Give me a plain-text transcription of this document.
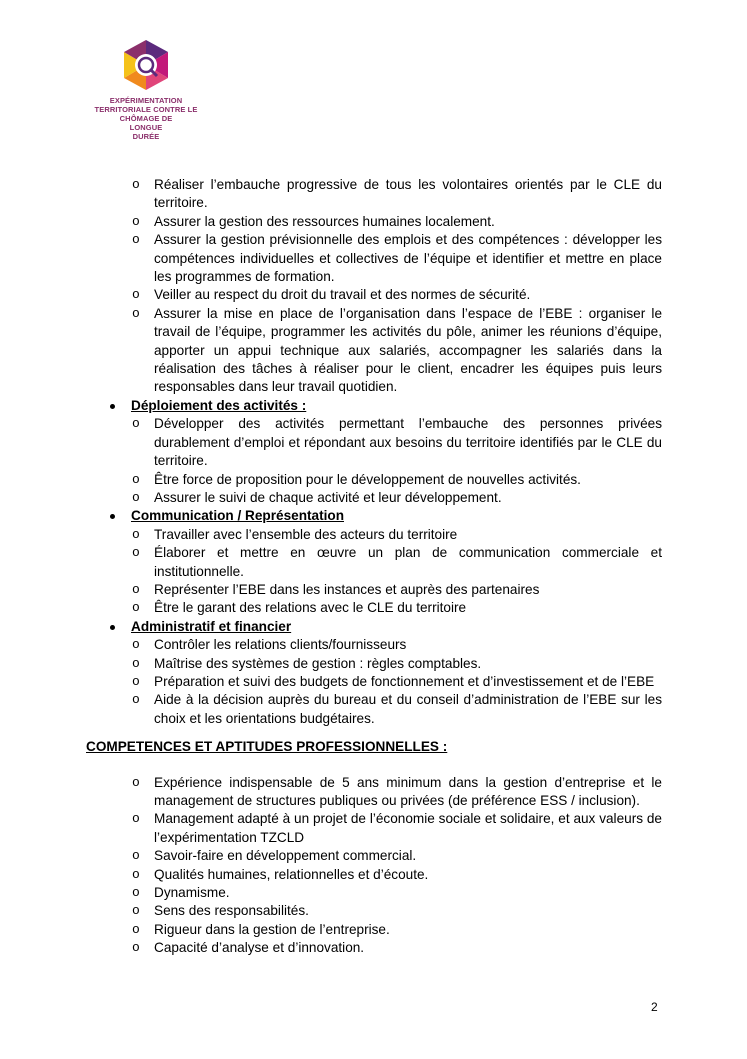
EXPÉRIMENTATION
TERRITORIALE CONTRE LE
CHÔMAGE DE
LONGUE
DURÉE
o Réaliser l’embauche progressive de tous les volontaires orientés par le CLE du territoire.
o Assurer la gestion des ressources humaines localement.
o Assurer la gestion prévisionnelle des emplois et des compétences : développer les compétences individuelles et collectives de l’équipe et identifier et mettre en place les programmes de formation.
o Veiller au respect du droit du travail et des normes de sécurité.
o Assurer la mise en place de l’organisation dans l’espace de l’EBE : organiser le travail de l’équipe, programmer les activités du pôle, animer les réunions d’équipe, apporter un appui technique aux salariés, accompagner les salariés dans la réalisation des tâches à réaliser pour le client, encadrer les équipes puis leurs responsables dans leur travail quotidien.
Déploiement des activités :
o Développer des activités permettant l’embauche des personnes privées durablement d’emploi et répondant aux besoins du territoire identifiés par le CLE du territoire.
o Être force de proposition pour le développement de nouvelles activités.
o Assurer le suivi de chaque activité et leur développement.
Communication / Représentation
o Travailler avec l’ensemble des acteurs du territoire
o Élaborer et mettre en œuvre un plan de communication commerciale et institutionnelle.
o Représenter l’EBE dans les instances et auprès des partenaires
o Être le garant des relations avec le CLE du territoire
Administratif et financier
o Contrôler les relations clients/fournisseurs
o Maîtrise des systèmes de gestion : règles comptables.
o Préparation et suivi des budgets de fonctionnement et d’investissement et de l’EBE
o Aide à la décision auprès du bureau et du conseil d’administration de l’EBE sur les choix et les orientations budgétaires.
COMPETENCES ET APTITUDES PROFESSIONNELLES :
o Expérience indispensable de 5 ans minimum dans la gestion d’entreprise et le management de structures publiques ou privées (de préférence ESS / inclusion).
o Management adapté à un projet de l’économie sociale et solidaire, et aux valeurs de l’expérimentation TZCLD
o Savoir-faire en développement commercial.
o Qualités humaines, relationnelles et d’écoute.
o Dynamisme.
o Sens des responsabilités.
o Rigueur dans la gestion de l’entreprise.
o Capacité d’analyse et d’innovation.
2
